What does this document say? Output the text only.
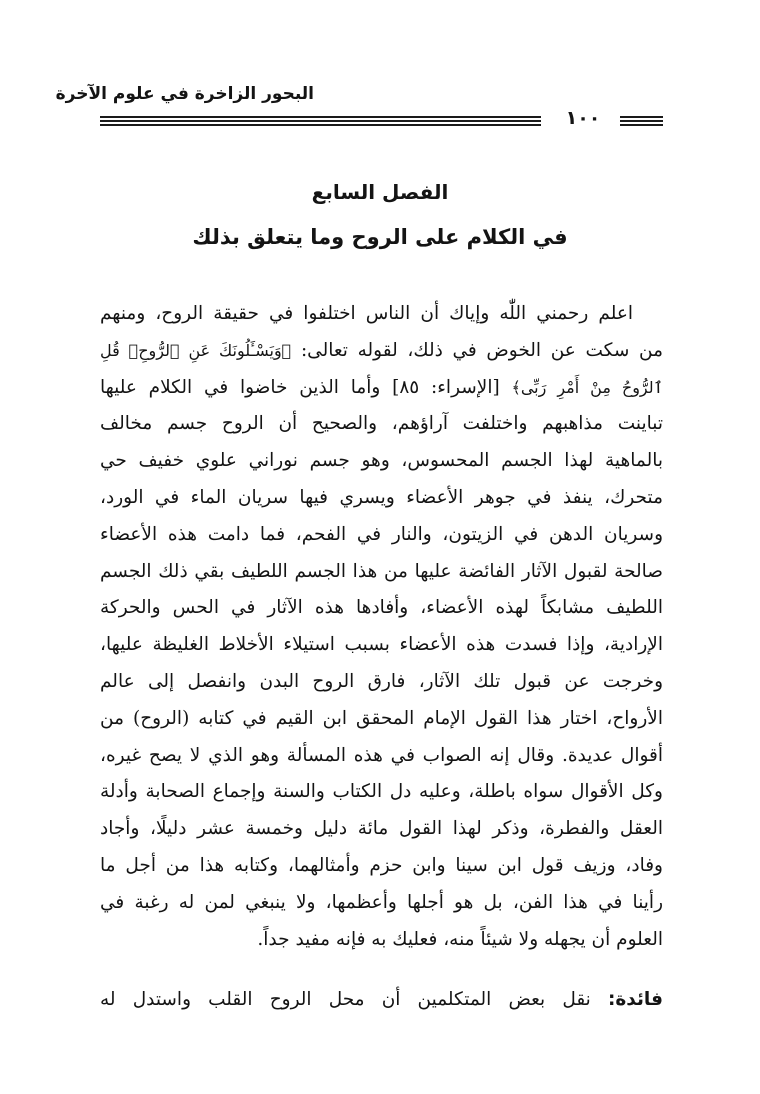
البحور الزاخرة في علوم الآخرة
١٠٠
الفصل السابع
في الكلام على الروح وما يتعلق بذلك
اعلم رحمني اللّٰه وإياك أن الناس اختلفوا في حقيقة الروح، ومنهم
من سكت عن الخوض في ذلك، لقوله تعالى: ﴿وَيَسْـَٔلُونَكَ عَنِ ٱلرُّوحِۖ قُلِ
ٱلرُّوحُ مِنْ أَمْرِ رَبِّى﴾ [الإسراء: ٨٥] وأما الذين خاضوا في الكلام عليها
تباينت مذاهبهم واختلفت آراؤهم، والصحيح أن الروح جسم مخالف
بالماهية لهذا الجسم المحسوس، وهو جسم نوراني علوي خفيف حي
متحرك، ينفذ في جوهر الأعضاء ويسري فيها سريان الماء في الورد،
وسريان الدهن في الزيتون، والنار في الفحم، فما دامت هذه الأعضاء
صالحة لقبول الآثار الفائضة عليها من هذا الجسم اللطيف بقي ذلك الجسم
اللطيف مشابكاً لهذه الأعضاء، وأفادها هذه الآثار في الحس والحركة
الإرادية، وإذا فسدت هذه الأعضاء بسبب استيلاء الأخلاط الغليظة عليها،
وخرجت عن قبول تلك الآثار، فارق الروح البدن وانفصل إلى عالم
الأرواح، اختار هذا القول الإمام المحقق ابن القيم في كتابه (الروح) من
أقوال عديدة. وقال إنه الصواب في هذه المسألة وهو الذي لا يصح غيره،
وكل الأقوال سواه باطلة، وعليه دل الكتاب والسنة وإجماع الصحابة وأدلة
العقل والفطرة، وذكر لهذا القول مائة دليل وخمسة عشر دليلًا، وأجاد
وفاد، وزيف قول ابن سينا وابن حزم وأمثالهما، وكتابه هذا من أجل ما
رأينا في هذا الفن، بل هو أجلها وأعظمها، ولا ينبغي لمن له رغبة في
العلوم أن يجهله ولا شيئاً منه، فعليك به فإنه مفيد جداً.
فائدة: نقل بعض المتكلمين أن محل الروح القلب واستدل له
